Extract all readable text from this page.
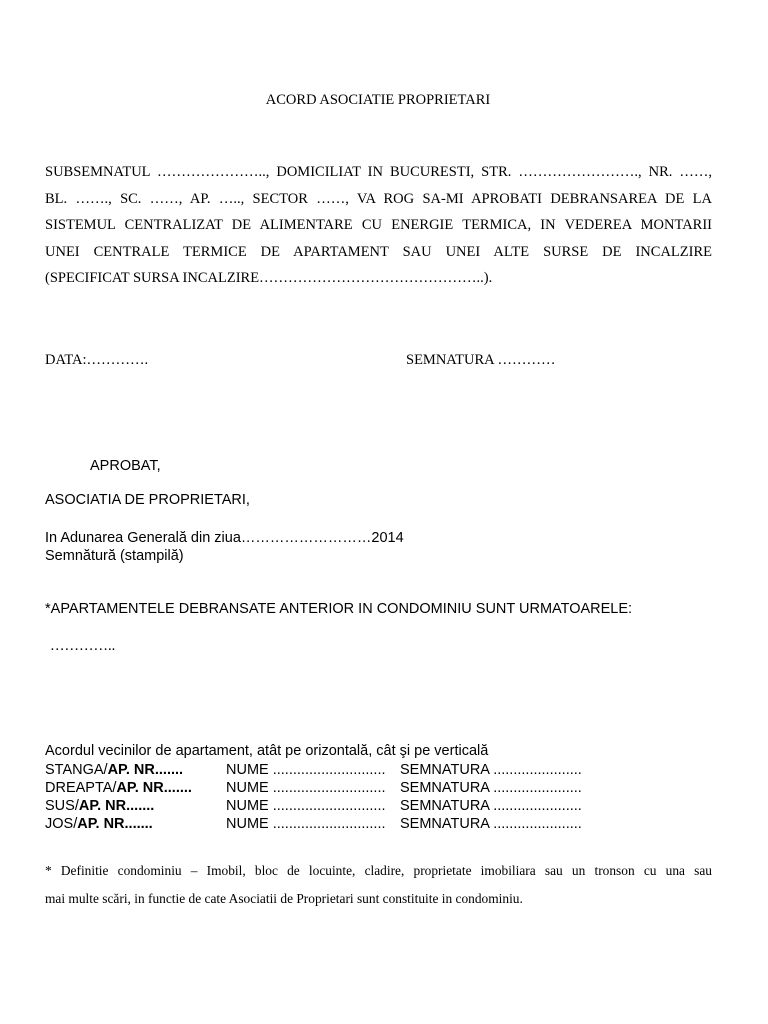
ACORD ASOCIATIE PROPRIETARI
SUBSEMNATUL ………………….., DOMICILIAT IN BUCURESTI, STR. ……………………., NR. ……,
BL. ……., SC. ……, AP. ….., SECTOR ……, VA ROG SA-MI APROBATI DEBRANSAREA DE LA
SISTEMUL CENTRALIZAT DE ALIMENTARE CU ENERGIE TERMICA, IN VEDEREA MONTARII
UNEI CENTRALE TERMICE DE APARTAMENT SAU UNEI ALTE SURSE DE INCALZIRE
(SPECIFICAT SURSA INCALZIRE………………………………………..).
DATA:………….	SEMNATURA …………
APROBAT,
ASOCIATIA DE PROPRIETARI,
In Adunarea Generală din ziua………………………2014
Semnătură (stampilă)
*APARTAMENTELE DEBRANSATE ANTERIOR IN CONDOMINIU SUNT URMATOARELE:
…………..
Acordul vecinilor de apartament, atât pe orizontală, cât şi pe verticală
STANGA/AP. NR.......	NUME ............................ SEMNATURA ......................
DREAPTA/AP. NR....... NUME ............................ SEMNATURA ......................
SUS/AP. NR.......	NUME ............................ SEMNATURA ......................
JOS/AP. NR.......	NUME ............................ SEMNATURA ......................
* Definitie condominiu – Imobil, bloc de locuinte, cladire, proprietate imobiliara sau un tronson cu una sau
mai multe scări, in functie de cate Asociatii de Proprietari sunt constituite in condominiu.
